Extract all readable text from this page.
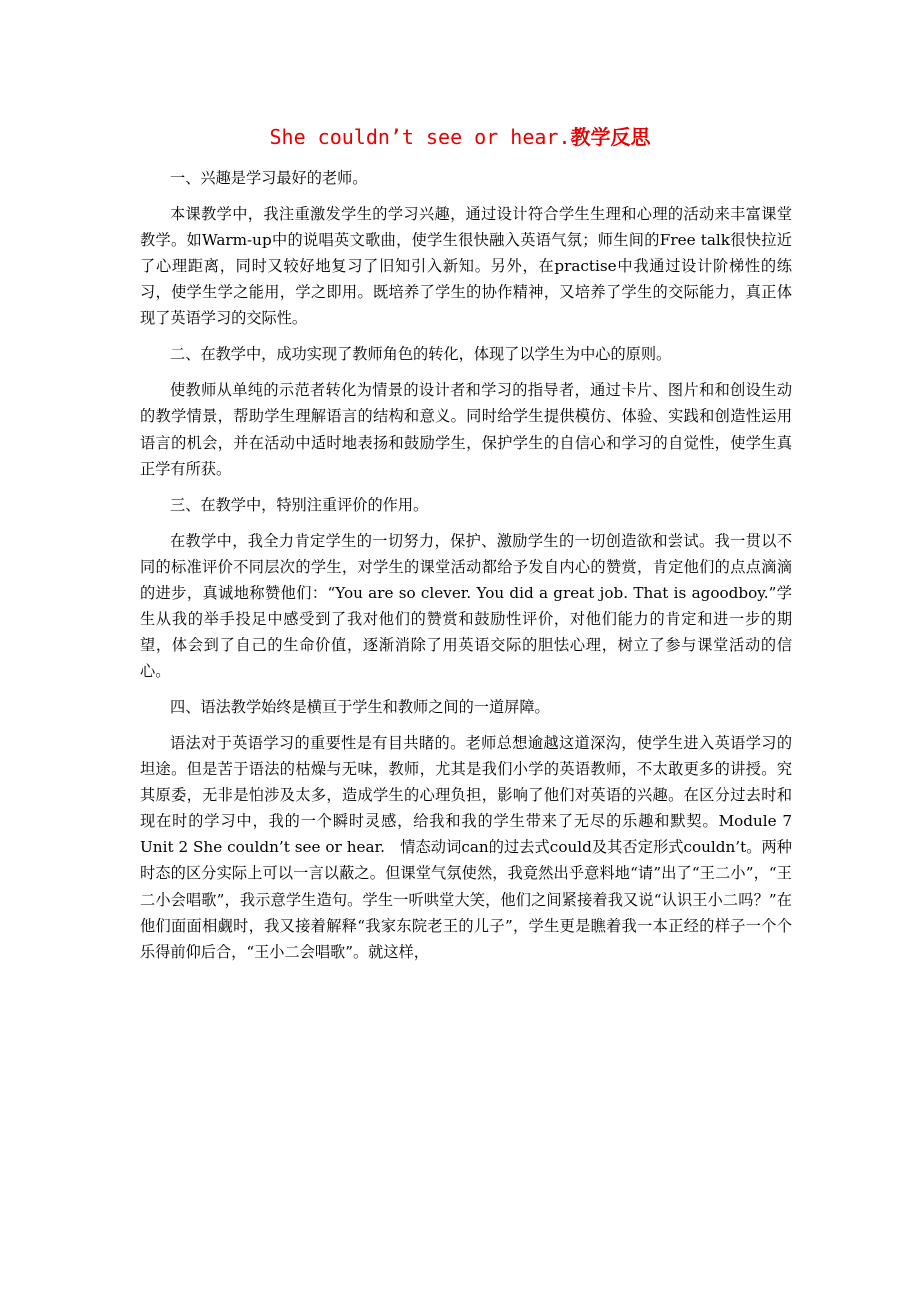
She couldn’t see or hear.教学反思

一、兴趣是学习最好的老师。

本课教学中，我注重激发学生的学习兴趣，通过设计符合学生生理和心理的活动来丰富课堂教学。如Warm-up中的说唱英文歌曲，使学生很快融入英语气氛；师生间的Free talk很快拉近了心理距离，同时又较好地复习了旧知引入新知。另外，在practise中我通过设计阶梯性的练习，使学生学之能用，学之即用。既培养了学生的协作精神，又培养了学生的交际能力，真正体现了英语学习的交际性。

二、在教学中，成功实现了教师角色的转化，体现了以学生为中心的原则。

使教师从单纯的示范者转化为情景的设计者和学习的指导者，通过卡片、图片和和创设生动的教学情景，帮助学生理解语言的结构和意义。同时给学生提供模仿、体验、实践和创造性运用语言的机会，并在活动中适时地表扬和鼓励学生，保护学生的自信心和学习的自觉性，使学生真正学有所获。

三、在教学中，特别注重评价的作用。

在教学中，我全力肯定学生的一切努力，保护、激励学生的一切创造欲和尝试。我一贯以不同的标准评价不同层次的学生，对学生的课堂活动都给予发自内心的赞赏，肯定他们的点点滴滴的进步，真诚地称赞他们：“You are so clever. You did a great job. That is agoodboy.”学生从我的举手投足中感受到了我对他们的赞赏和鼓励性评价，对他们能力的肯定和进一步的期望，体会到了自己的生命价值，逐渐消除了用英语交际的胆怯心理，树立了参与课堂活动的信心。

四、语法教学始终是横亘于学生和教师之间的一道屏障。

语法对于英语学习的重要性是有目共睹的。老师总想逾越这道深沟，使学生进入英语学习的坦途。但是苦于语法的枯燥与无味，教师，尤其是我们小学的英语教师，不太敢更多的讲授。究其原委，无非是怕涉及太多，造成学生的心理负担，影响了他们对英语的兴趣。在区分过去时和现在时的学习中，我的一个瞬时灵感，给我和我的学生带来了无尽的乐趣和默契。Module 7 Unit 2 She couldn’t see or hear.　情态动词can的过去式could及其否定形式couldn’t。两种时态的区分实际上可以一言以蔽之。但课堂气氛使然，我竟然出乎意料地“请”出了“王二小”，“王二小会唱歌”，我示意学生造句。学生一听哄堂大笑，他们之间紧接着我又说“认识王小二吗？”在他们面面相觑时，我又接着解释“我家东院老王的儿子”，学生更是瞧着我一本正经的样子一个个乐得前仰后合，“王小二会唱歌”。就这样，
